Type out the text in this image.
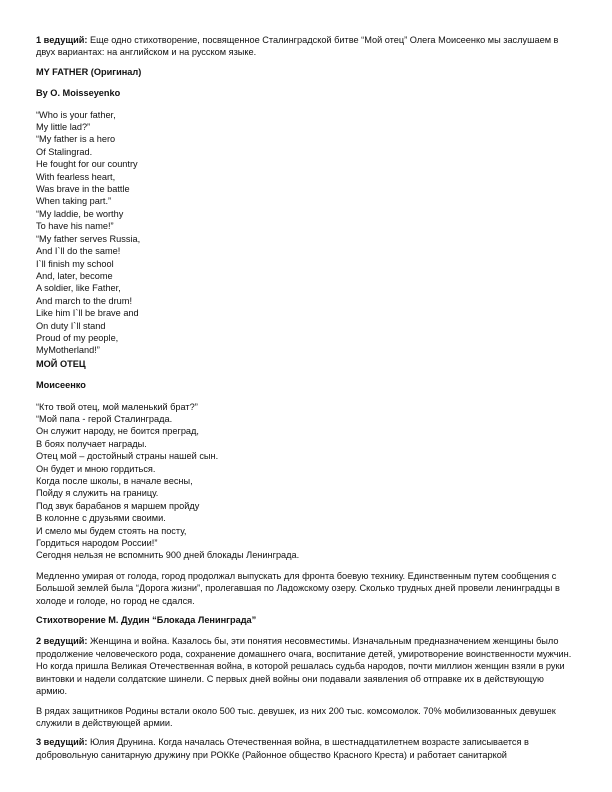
1 ведущий: Еще одно стихотворение, посвященное Сталинградской битве “Мой отец” Олега Моисеенко мы заслушаем в двух вариантах: на английском и на русском языке.

MY FATHER (Оригинал)
By O. Moisseyenko
“Who is your father,
My little lad?”
“My father is a hero
Of Stalingrad.
He fought for our country
With fearless heart,
Was brave in the battle
When taking part.”
“My laddie, be worthy
To have his name!”
“My father serves Russia,
And I`ll do the same!
I`ll finish my school
And, later, become
A soldier, like Father,
And march to the drum!
Like him I`ll be brave and
On duty I`ll stand
Proud of my people,
MyMotherland!”
МОЙ ОТЕЦ
Моисеенко
“Кто твой отец, мой маленький брат?”
“Мой папа - герой Сталинграда.
Он служит народу, не боится преград,
В боях получает награды.
Отец мой – достойный страны нашей сын.
Он будет и мною гордиться.
Когда после школы, в начале весны,
Пойду я служить на границу.
Под звук барабанов я маршем пройду
В колонне с друзьями своими.
И смело мы будем стоять на посту,
Гордиться народом России!”
Сегодня нельзя не вспомнить 900 дней блокады Ленинграда.

Медленно умирая от голода, город продолжал выпускать для фронта боевую технику. Единственным путем сообщения с Большой землей была “Дорога жизни”, пролегавшая по Ладожскому озеру. Сколько трудных дней провели ленинградцы в холоде и голоде, но город не сдался.

Стихотворение М. Дудин “Блокада Ленинграда”

2 ведущий: Женщина и война. Казалось бы, эти понятия несовместимы. Изначальным предназначением женщины было продолжение человеческого рода, сохранение домашнего очага, воспитание детей, умиротворение воинственности мужчин. Но когда пришла Великая Отечественная война, в которой решалась судьба народов, почти миллион женщин взяли в руки винтовки и надели солдатские шинели. С первых дней войны они подавали заявления об отправке их в действующую армию.

В рядах защитников Родины встали около 500 тыс. девушек, из них 200 тыс. комсомолок. 70% мобилизованных девушек служили в действующей армии.

3 ведущий: Юлия Друнина. Когда началась Отечественная война, в шестнадцатилетнем возрасте записывается в добровольную санитарную дружину при РОККе (Районное общество Красного Креста) и работает санитаркой
